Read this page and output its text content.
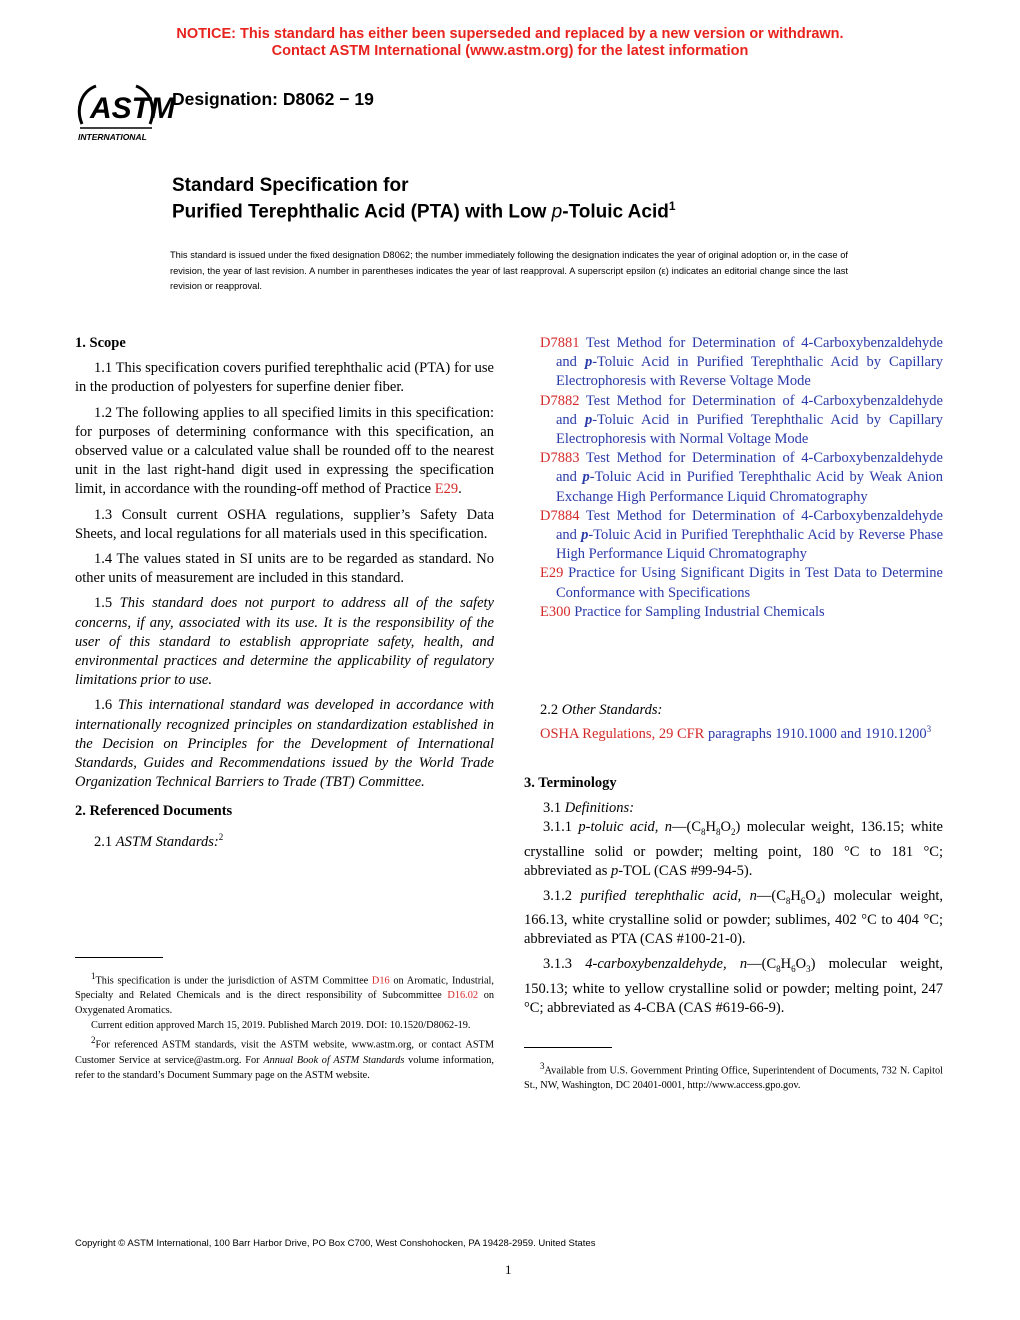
NOTICE: This standard has either been superseded and replaced by a new version or withdrawn.
Contact ASTM International (www.astm.org) for the latest information
ASTM
INTERNATIONAL
Designation: D8062 − 19
Standard Specification for
Purified Terephthalic Acid (PTA) with Low p-Toluic Acid$^1$
This standard is issued under the fixed designation D8062; the number immediately following the designation indicates the year of original adoption or, in the case of revision, the year of last revision. A number in parentheses indicates the year of last reapproval. A superscript epsilon (ε) indicates an editorial change since the last revision or reapproval.
1. Scope

1.1 This specification covers purified terephthalic acid (PTA) for use in the production of polyesters for superfine denier fiber.

1.2 The following applies to all specified limits in this specification: for purposes of determining conformance with this specification, an observed value or a calculated value shall be rounded off to the nearest unit in the last right-hand digit used in expressing the specification limit, in accordance with the rounding-off method of Practice E29.

1.3 Consult current OSHA regulations, supplier’s Safety Data Sheets, and local regulations for all materials used in this specification.

1.4 The values stated in SI units are to be regarded as standard. No other units of measurement are included in this standard.

1.5 This standard does not purport to address all of the safety concerns, if any, associated with its use. It is the responsibility of the user of this standard to establish appropriate safety, health, and environmental practices and determine the applicability of regulatory limitations prior to use.

1.6 This international standard was developed in accordance with internationally recognized principles on standardization established in the Decision on Principles for the Development of International Standards, Guides and Recommendations issued by the World Trade Organization Technical Barriers to Trade (TBT) Committee.

2. Referenced Documents

2.1 ASTM Standards:$^2$

$^1$This specification is under the jurisdiction of ASTM Committee D16 on Aromatic, Industrial, Specialty and Related Chemicals and is the direct responsibility of Subcommittee D16.02 on Oxygenated Aromatics.
Current edition approved March 15, 2019. Published March 2019. DOI: 10.1520/D8062-19.
$^2$For referenced ASTM standards, visit the ASTM website, www.astm.org, or contact ASTM Customer Service at service@astm.org. For Annual Book of ASTM Standards volume information, refer to the standard’s Document Summary page on the ASTM website.

D7881 Test Method for Determination of 4-Carboxybenzaldehyde and p-Toluic Acid in Purified Terephthalic Acid by Capillary Electrophoresis with Reverse Voltage Mode

D7882 Test Method for Determination of 4-Carboxybenzaldehyde and p-Toluic Acid in Purified Terephthalic Acid by Capillary Electrophoresis with Normal Voltage Mode

D7883 Test Method for Determination of 4-Carboxybenzaldehyde and p-Toluic Acid in Purified Terephthalic Acid by Weak Anion Exchange High Performance Liquid Chromatography

D7884 Test Method for Determination of 4-Carboxybenzaldehyde and p-Toluic Acid in Purified Terephthalic Acid by Reverse Phase High Performance Liquid Chromatography

E29 Practice for Using Significant Digits in Test Data to Determine Conformance with Specifications

E300 Practice for Sampling Industrial Chemicals

2.2 Other Standards:

OSHA Regulations, 29 CFR paragraphs 1910.1000 and 1910.1200$^3$

3. Terminology

3.1 Definitions:

3.1.1 p-toluic acid, $n—(C_8H_8O_2)$ molecular weight, 136.15; white crystalline solid or powder; melting point, 180 °C to 181 °C; abbreviated as p-TOL (CAS #99-94-5).

3.1.2 purified terephthalic acid, $n—(C_8H_6O_4)$ molecular weight, 166.13, white crystalline solid or powder; sublimes, 402 °C to 404 °C; abbreviated as PTA (CAS #100-21-0).

3.1.3 4-carboxybenzaldehyde, $n—(C_8H_6O_3)$ molecular weight, 150.13; white to yellow crystalline solid or powder; melting point, 247 °C; abbreviated as 4-CBA (CAS #619-66-9).

$^3$Available from U.S. Government Printing Office, Superintendent of Documents, 732 N. Capitol St., NW, Washington, DC 20401-0001, http://www.access.gpo.gov.
Copyright © ASTM International, 100 Barr Harbor Drive, PO Box C700, West Conshohocken, PA 19428-2959. United States
1
